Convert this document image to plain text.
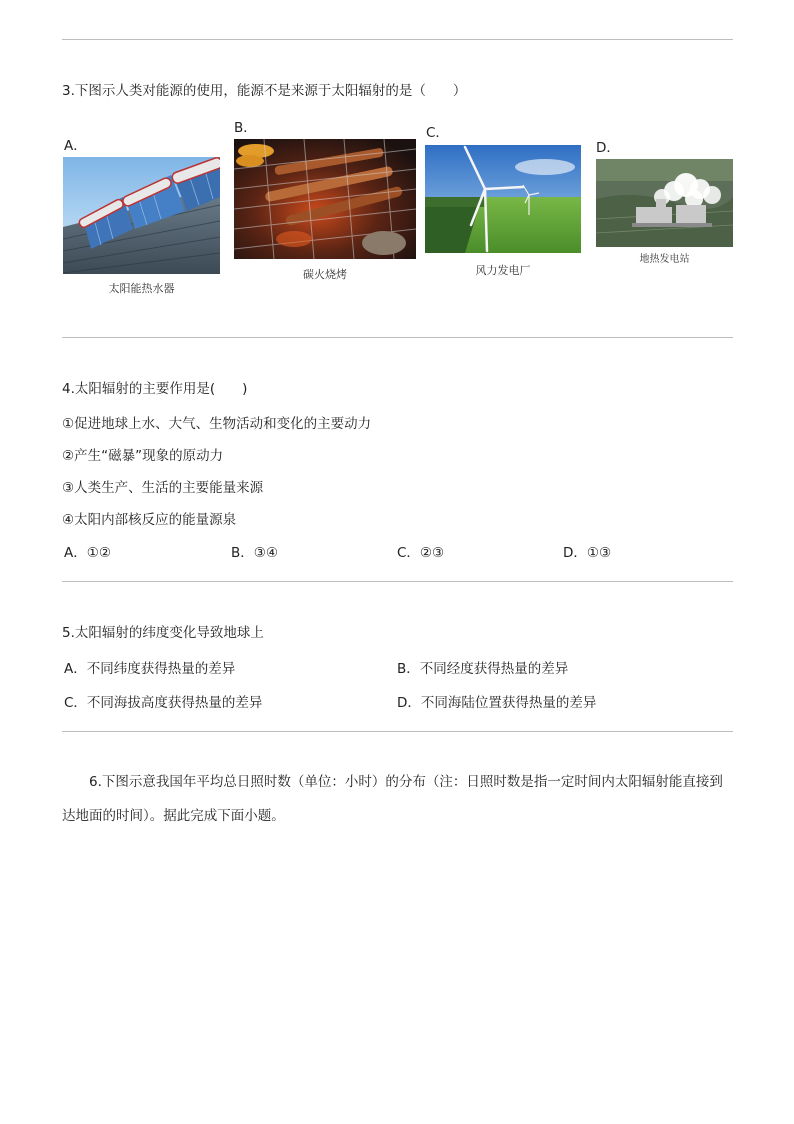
3.下图示人类对能源的使用，能源不是来源于太阳辐射的是（　　）
A．
B．	C．
D．
太阳能热水器
碳火烧烤	风力发电厂
地热发电站
4.太阳辐射的主要作用是(　　)
①促进地球上水、大气、生物活动和变化的主要动力
②产生“磁暴”现象的原动力
③人类生产、生活的主要能量来源
④太阳内部核反应的能量源泉
A．①②	B．③④	C．②③	D．①③
5.太阳辐射的纬度变化导致地球上
A．不同纬度获得热量的差异	B．不同经度获得热量的差异
C．不同海拔高度获得热量的差异	D．不同海陆位置获得热量的差异
6.下图示意我国年平均总日照时数（单位：小时）的分布（注：日照时数是指一定时间内太阳辐射能直接到达地面的时间）。据此完成下面小题。
